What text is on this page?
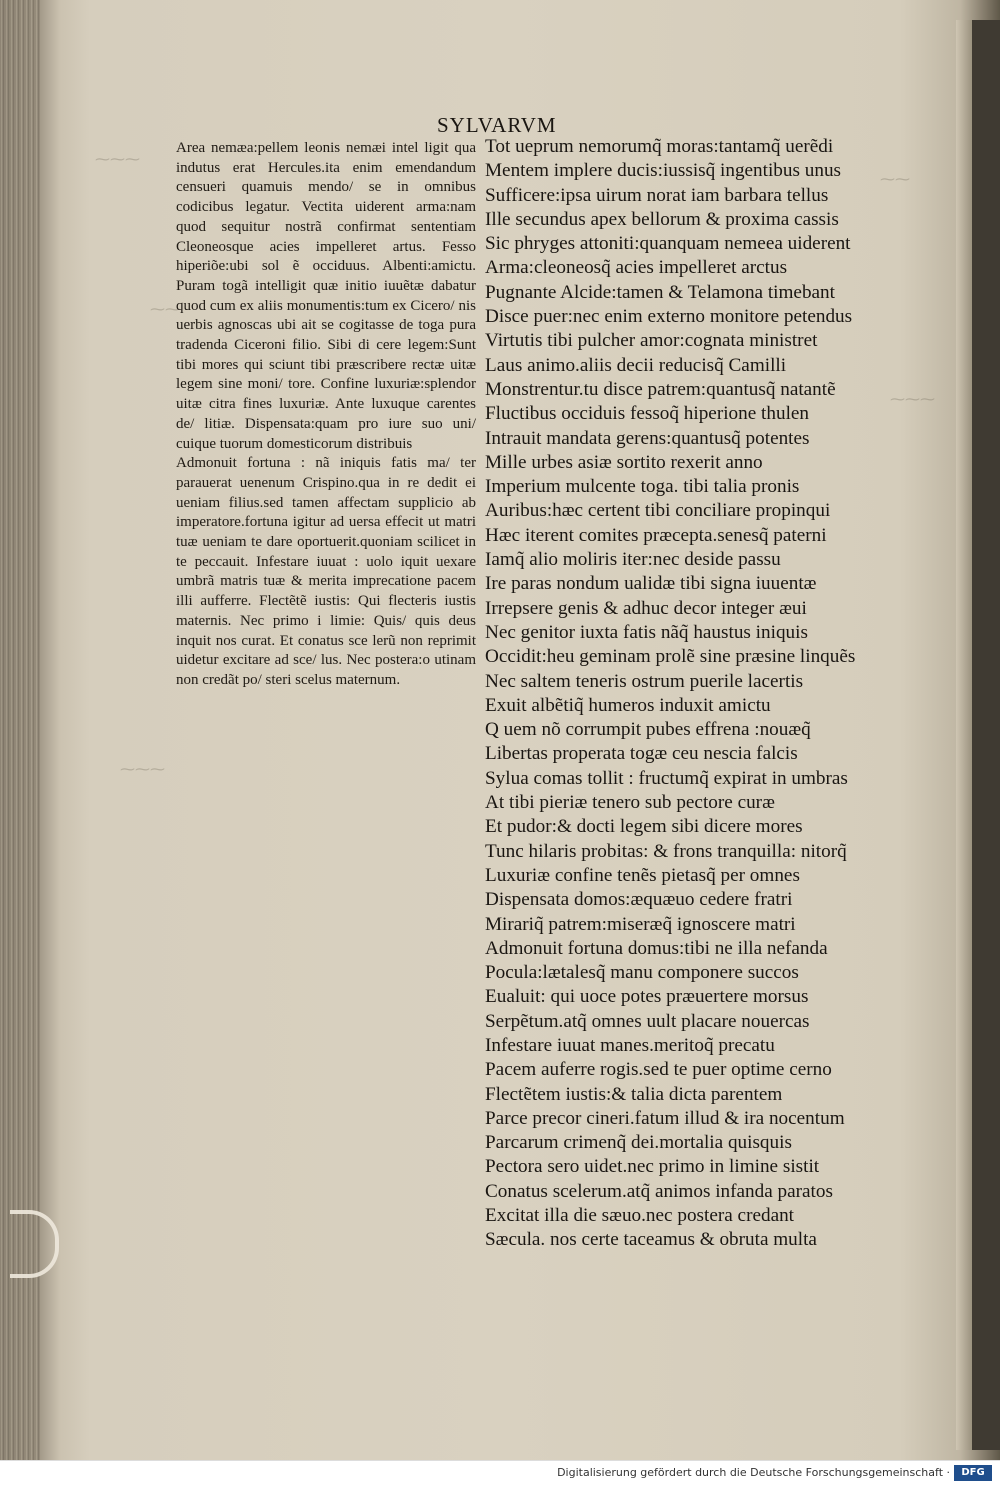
⁓⁓⁓
⁓⁓
⁓⁓⁓
⁓⁓
⁓⁓⁓
SYLVARVM

Area nemæa:pellem leonis nemæi intel ligit qua indutus erat Hercules.ita enim emendandum censueri quamuis mendo/ se in omnibus codicibus legatur. Vectita uiderent arma:nam quod sequitur nostrã confirmat sententiam Cleoneosque acies impelleret artus. Fesso hiperiõe:ubi sol ẽ occiduus. Albenti:amictu. Puram togã intelligit quæ initio iuuẽtæ dabatur quod cum ex aliis monumentis:tum ex Cicero/ nis uerbis agnoscas ubi ait se cogitasse de toga pura tradenda Ciceroni filio. Sibi di cere legem:Sunt tibi mores qui sciunt tibi præscribere rectæ uitæ legem sine moni/ tore. Confine luxuriæ:splendor uitæ citra fines luxuriæ. Ante luxuque carentes de/ litiæ. Dispensata:quam pro iure suo uni/ cuique tuorum domesticorum distribuis

Admonuit fortuna : nã iniquis fatis ma/ ter parauerat uenenum Crispino.qua in re dedit ei ueniam filius.sed tamen affectam supplicio ab imperatore.fortuna igitur ad uersa effecit ut matri tuæ ueniam te dare oportuerit.quoniam scilicet in te peccauit. Infestare iuuat : uolo iquit uexare umbrã matris tuæ & merita imprecatione pacem illi aufferre. Flectẽtẽ iustis: Qui flecteris iustis maternis. Nec primo i limie: Quis/ quis deus inquit nos curat. Et conatus sce lerũ non reprimit uidetur excitare ad sce/ lus. Nec postera:o utinam non credãt po/ steri scelus maternum.

Tot ueprum nemorumq̃ moras:tantamq̃ uerẽdi
Mentem implere ducis:iussisq̃ ingentibus unus
Sufficere:ipsa uirum norat iam barbara tellus
Ille secundus apex bellorum & proxima cassis
Sic phryges attoniti:quanquam nemeea uiderent
Arma:cleoneosq̃ acies impelleret arctus
Pugnante Alcide:tamen & Telamona timebant
Disce puer:nec enim externo monitore petendus
Virtutis tibi pulcher amor:cognata ministret
Laus animo.aliis decii reducisq̃ Camilli
Monstrentur.tu disce patrem:quantusq̃ natantẽ
Fluctibus occiduis fessoq̃ hiperione thulen
Intrauit mandata gerens:quantusq̃ potentes
Mille urbes asiæ sortito rexerit anno
Imperium mulcente toga. tibi talia pronis
Auribus:hæc certent tibi conciliare propinqui
Hæc iterent comites præcepta.senesq̃ paterni
Iamq̃ alio moliris iter:nec deside passu
Ire paras nondum ualidæ tibi signa iuuentæ
Irrepsere genis & adhuc decor integer æui
Nec genitor iuxta fatis nãq̃ haustus iniquis
Occidit:heu geminam prolẽ sine præsine linquẽs
Nec saltem teneris ostrum puerile lacertis
Exuit albẽtiq̃ humeros induxit amictu
Q uem nõ corrumpit pubes effrena :nouæq̃
Libertas properata togæ ceu nescia falcis
Sylua comas tollit : fructumq̃ expirat in umbras
At tibi pieriæ tenero sub pectore curæ
Et pudor:& docti legem sibi dicere mores
Tunc hilaris probitas: & frons tranquilla: nitorq̃
Luxuriæ confine tenẽs pietasq̃ per omnes
Dispensata domos:æquæuo cedere fratri
Mirariq̃ patrem:miseræq̃ ignoscere matri
Admonuit fortuna domus:tibi ne illa nefanda
Pocula:lætalesq̃ manu componere succos
Eualuit: qui uoce potes præuertere morsus
Serpẽtum.atq̃ omnes uult placare nouercas
Infestare iuuat manes.meritoq̃ precatu
Pacem auferre rogis.sed te puer optime cerno
Flectẽtem iustis:& talia dicta parentem
Parce precor cineri.fatum illud & ira nocentum
Parcarum crimenq̃ dei.mortalia quisquis
Pectora sero uidet.nec primo in limine sistit
Conatus scelerum.atq̃ animos infanda paratos
Excitat illa die sæuo.nec postera credant
Sæcula. nos certe taceamus & obruta multa
Digitalisierung gefördert durch die Deutsche Forschungsgemeinschaft ·	DFG
